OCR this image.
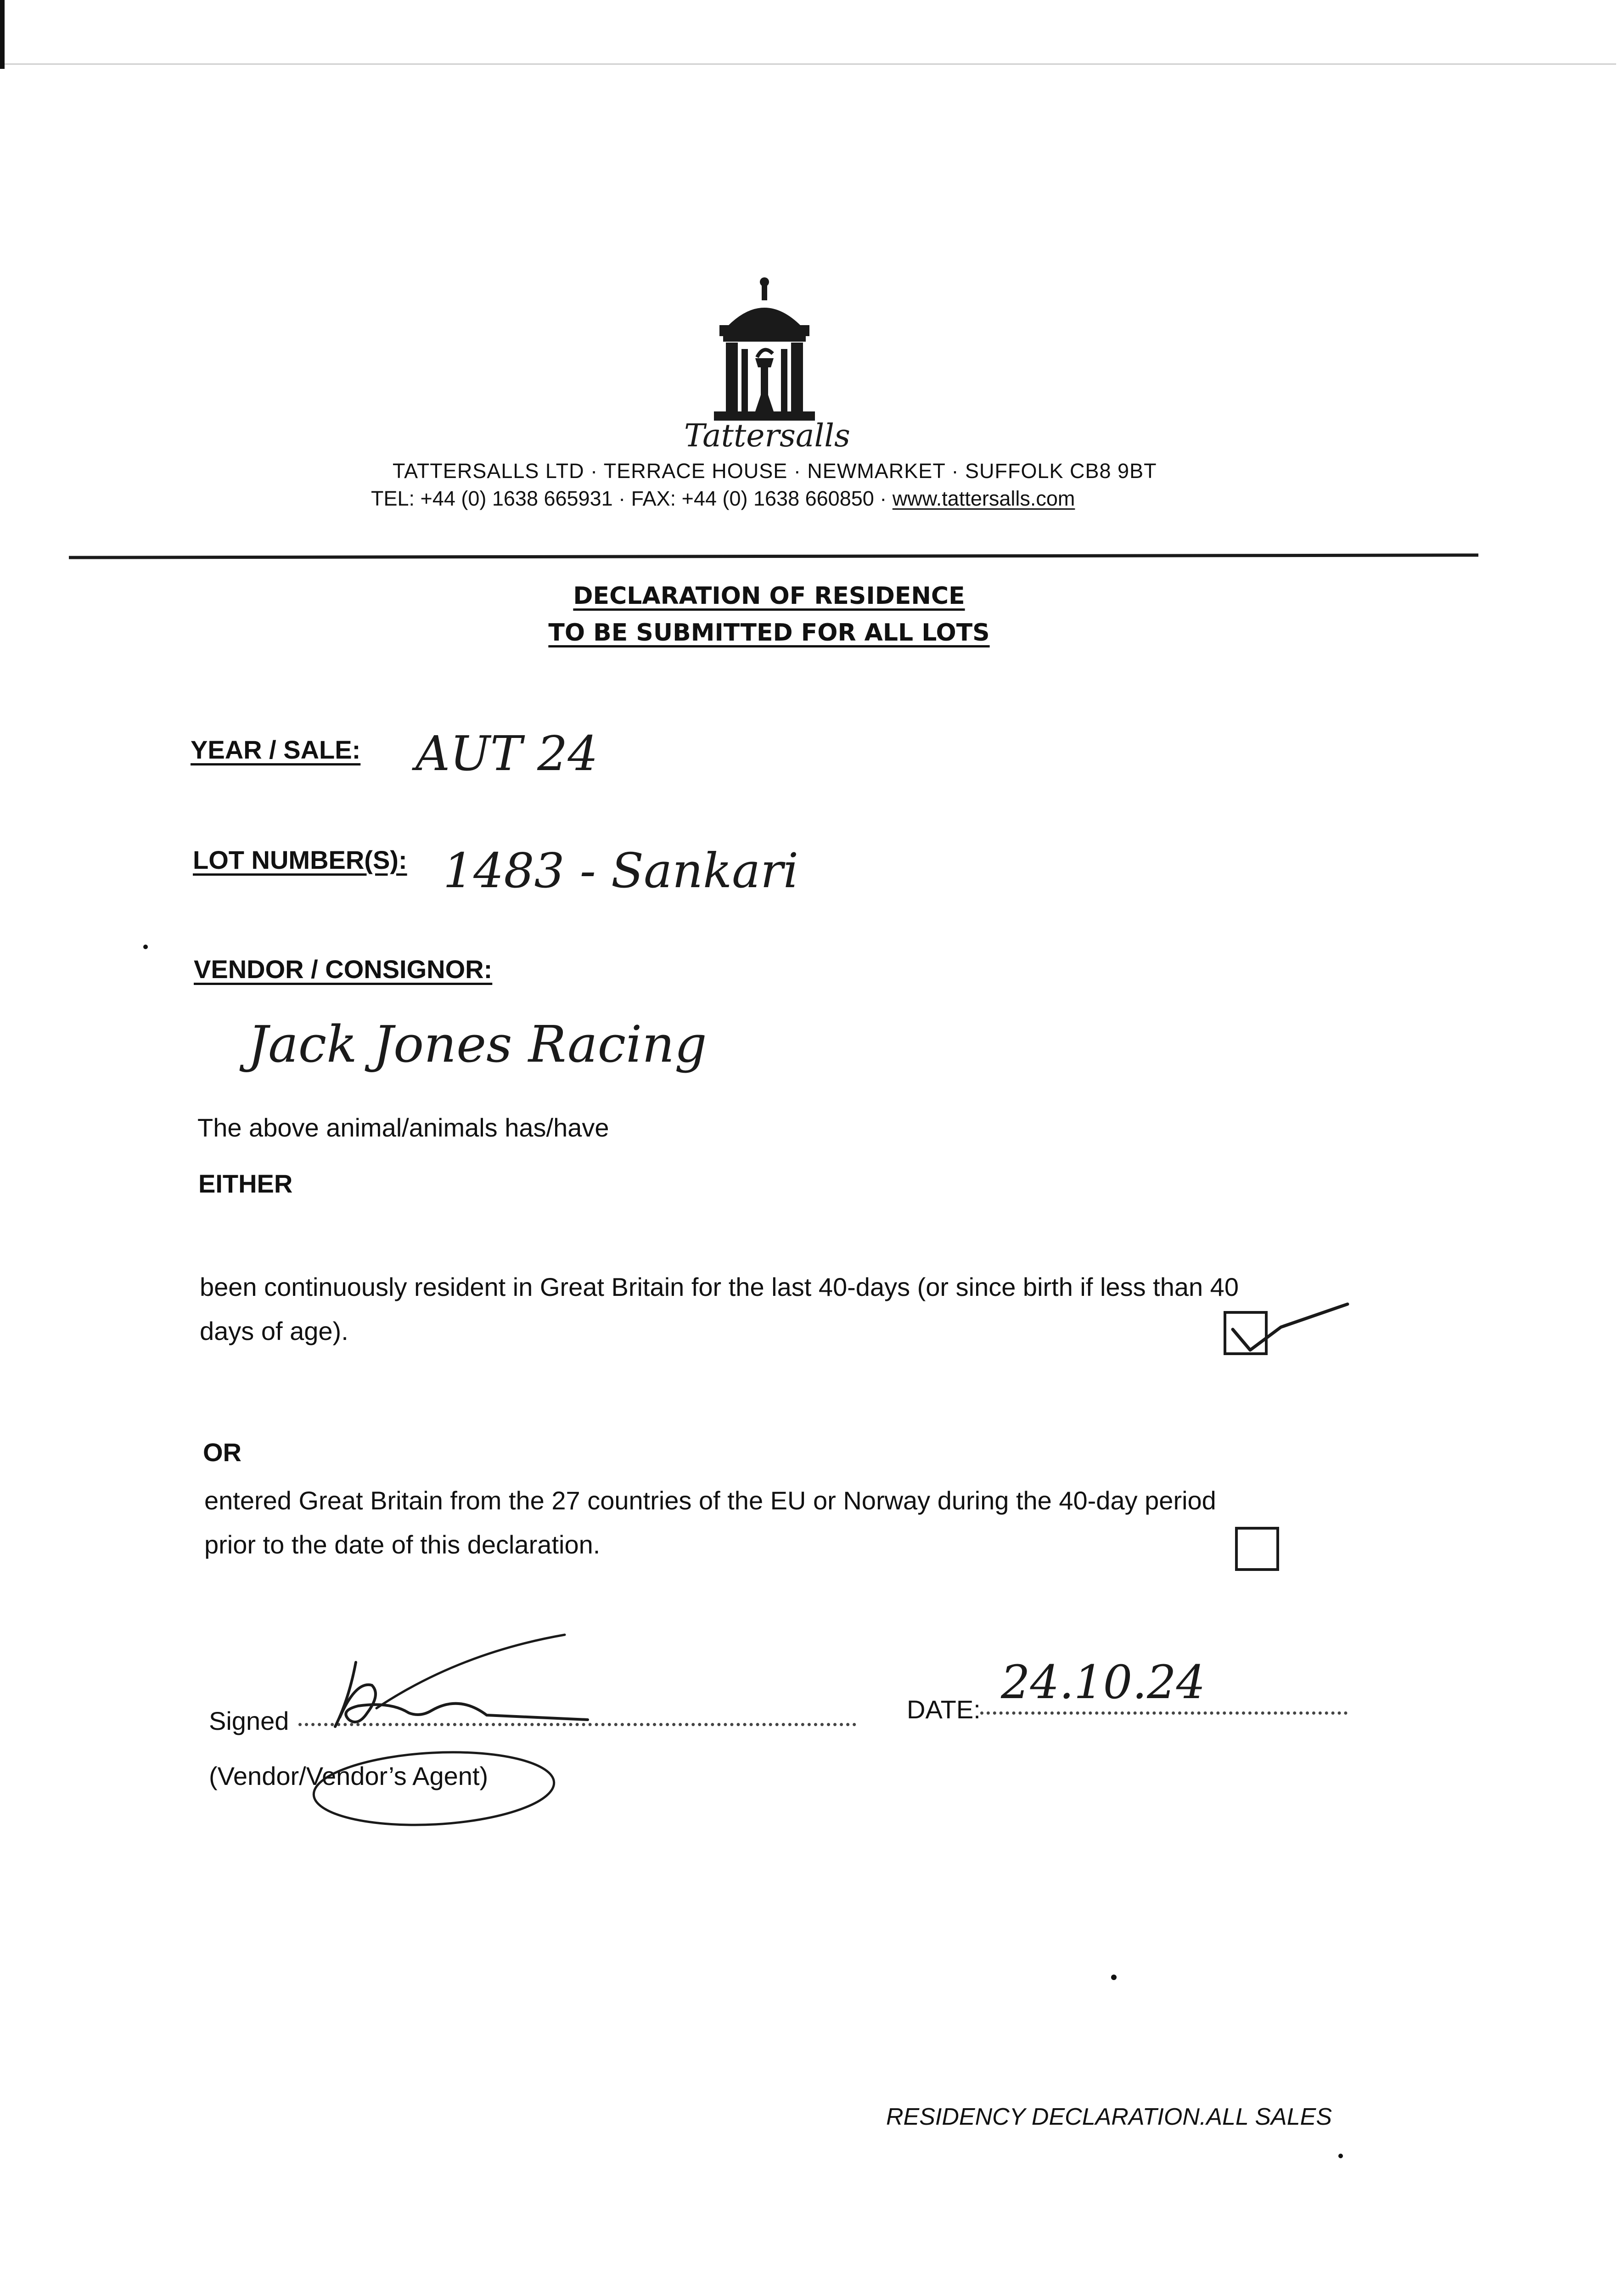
Tattersalls
TATTERSALLS LTD · TERRACE HOUSE · NEWMARKET · SUFFOLK CB8 9BT
TEL: +44 (0) 1638 665931 · FAX: +44 (0) 1638 660850 · www.tattersalls.com
DECLARATION OF RESIDENCE
TO BE SUBMITTED FOR ALL LOTS
YEAR / SALE: AUT 24
LOT NUMBER(S): 1483 - Sankari
VENDOR / CONSIGNOR:
Jack Jones Racing
The above animal/animals has/have
EITHER
been continuously resident in Great Britain for the last 40-days (or since birth if less than 40
days of age).
OR
entered Great Britain from the 27 countries of the EU or Norway during the 40-day period
prior to the date of this declaration.
Signed
(Vendor/Vendor’s Agent)
DATE:
24.10.24
RESIDENCY DECLARATION.ALL SALES
